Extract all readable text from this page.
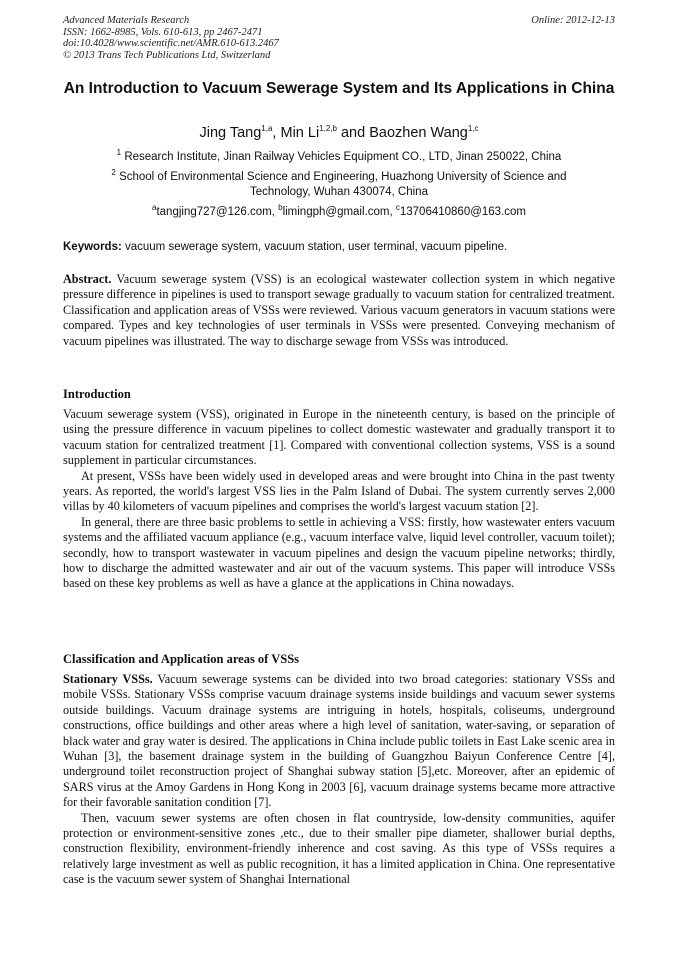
Advanced Materials Research
ISSN: 1662-8985, Vols. 610-613, pp 2467-2471
doi:10.4028/www.scientific.net/AMR.610-613.2467
© 2013 Trans Tech Publications Ltd, Switzerland
Online: 2012-12-13
An Introduction to Vacuum Sewerage System and Its Applications in China
Jing Tang$^{1,a}$, Min Li$^{1,2,b}$ and Baozhen Wang$^{1,c}$
$^1$ Research Institute, Jinan Railway Vehicles Equipment CO., LTD, Jinan 250022, China
$^2$ School of Environmental Science and Engineering, Huazhong University of Science and Technology, Wuhan 430074, China
$^a$tangjing727@126.com, $^b$limingph@gmail.com, $^c$13706410860@163.com
Keywords: vacuum sewerage system, vacuum station, user terminal, vacuum pipeline.
Abstract. Vacuum sewerage system (VSS) is an ecological wastewater collection system in which negative pressure difference in pipelines is used to transport sewage gradually to vacuum station for centralized treatment. Classification and application areas of VSSs were reviewed. Various vacuum generators in vacuum stations were compared. Types and key technologies of user terminals in VSSs were presented. Conveying mechanism of vacuum pipelines was illustrated. The way to discharge sewage from VSSs was introduced.
Introduction

Vacuum sewerage system (VSS), originated in Europe in the nineteenth century, is based on the principle of using the pressure difference in vacuum pipelines to collect domestic wastewater and gradually transport it to vacuum station for centralized treatment [1]. Compared with conventional collection systems, VSS is a sound supplement in particular circumstances.

At present, VSSs have been widely used in developed areas and were brought into China in the past twenty years. As reported, the world's largest VSS lies in the Palm Island of Dubai. The system currently serves 2,000 villas by 40 kilometers of vacuum pipelines and comprises the world's largest vacuum station [2].

In general, there are three basic problems to settle in achieving a VSS: firstly, how wastewater enters vacuum systems and the affiliated vacuum appliance (e.g., vacuum interface valve, liquid level controller, vacuum toilet); secondly, how to transport wastewater in vacuum pipelines and design the vacuum pipeline networks; thirdly, how to discharge the admitted wastewater and air out of the vacuum systems. This paper will introduce VSSs based on these key problems as well as have a glance at the applications in China nowadays.

Classification and Application areas of VSSs

Stationary VSSs. Vacuum sewerage systems can be divided into two broad categories: stationary VSSs and mobile VSSs. Stationary VSSs comprise vacuum drainage systems inside buildings and vacuum sewer systems outside buildings. Vacuum drainage systems are intriguing in hotels, hospitals, coliseums, underground constructions, office buildings and other areas where a high level of sanitation, water-saving, or separation of black water and gray water is desired. The applications in China include public toilets in East Lake scenic area in Wuhan [3], the basement drainage system in the building of Guangzhou Baiyun Conference Centre [4], underground toilet reconstruction project of Shanghai subway station [5],etc. Moreover, after an epidemic of SARS virus at the Amoy Gardens in Hong Kong in 2003 [6], vacuum drainage systems became more attractive for their favorable sanitation condition [7].

Then, vacuum sewer systems are often chosen in flat countryside, low-density communities, aquifer protection or environment-sensitive zones ,etc., due to their smaller pipe diameter, shallower burial depths, construction flexibility, environment-friendly inherence and cost saving. As this type of VSSs requires a relatively large investment as well as public recognition, it has a limited application in China. One representative case is the vacuum sewer system of Shanghai International
